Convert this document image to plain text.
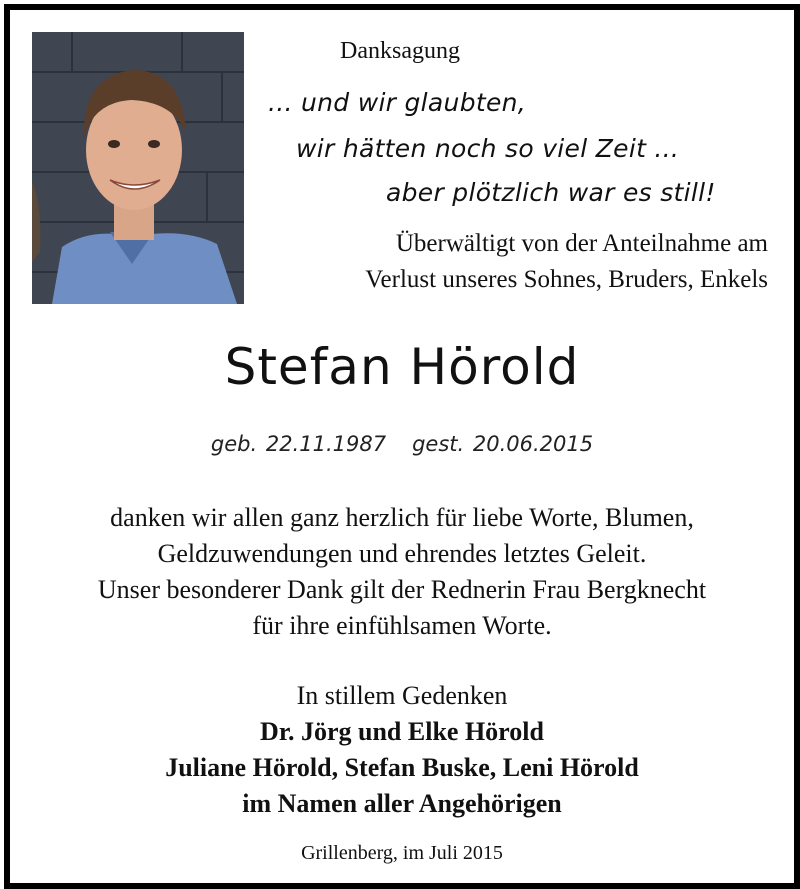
Danksagung
... und wir glaubten,
wir hätten noch so viel Zeit ...
aber plötzlich war es still!
Überwältigt von der Anteilnahme am
Verlust unseres Sohnes, Bruders, Enkels
Stefan Hörold
geb. 22.11.1987 gest. 20.06.2015
danken wir allen ganz herzlich für liebe Worte, Blumen,
Geldzuwendungen und ehrendes letztes Geleit.
Unser besonderer Dank gilt der Rednerin Frau Bergknecht
für ihre einfühlsamen Worte.
In stillem Gedenken
Dr. Jörg und Elke Hörold
Juliane Hörold, Stefan Buske, Leni Hörold
im Namen aller Angehörigen
Grillenberg, im Juli 2015
